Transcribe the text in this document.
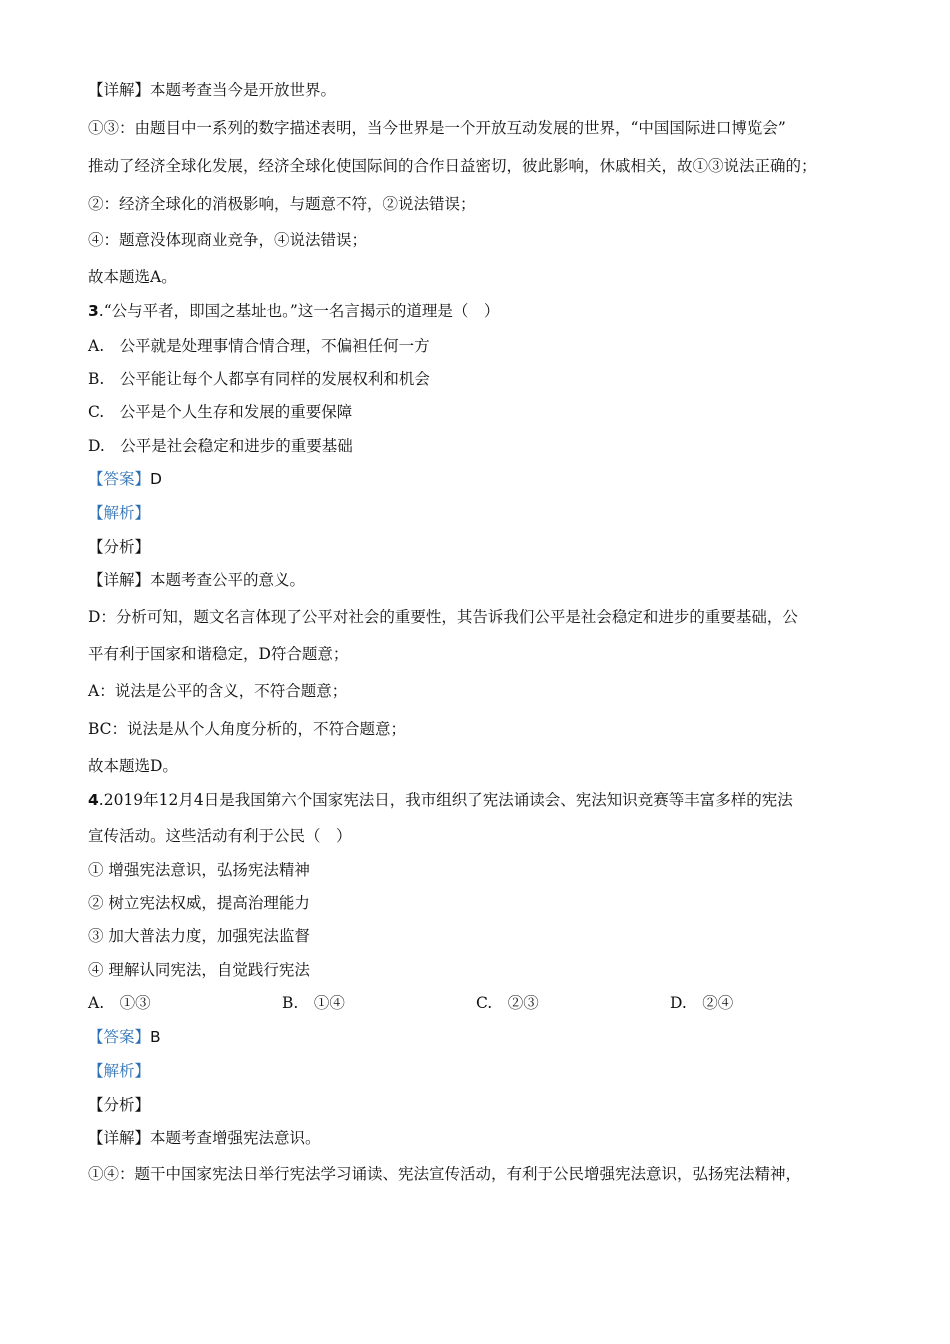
【详解】本题考查当今是开放世界。
①③：由题目中一系列的数字描述表明，当今世界是一个开放互动发展的世界，“中国国际进口博览会”
推动了经济全球化发展，经济全球化使国际间的合作日益密切，彼此影响，休戚相关，故①③说法正确的；
②：经济全球化的消极影响，与题意不符，②说法错误；
④：题意没体现商业竞争，④说法错误；
故本题选A。
3.“公与平者，即国之基址也。”这一名言揭示的道理是（　）
A.　公平就是处理事情合情合理，不偏袒任何一方
B.　公平能让每个人都享有同样的发展权利和机会
C.　公平是个人生存和发展的重要保障
D.　公平是社会稳定和进步的重要基础
【答案】D
【解析】
【分析】
【详解】本题考查公平的意义。
D：分析可知，题文名言体现了公平对社会的重要性，其告诉我们公平是社会稳定和进步的重要基础，公
平有利于国家和谐稳定，D符合题意；
A：说法是公平的含义，不符合题意；
BC：说法是从个人角度分析的，不符合题意；
故本题选D。
4.2019年12月4日是我国第六个国家宪法日，我市组织了宪法诵读会、宪法知识竞赛等丰富多样的宪法
宣传活动。这些活动有利于公民（　）
① 增强宪法意识，弘扬宪法精神
② 树立宪法权威，提高治理能力
③ 加大普法力度，加强宪法监督
④ 理解认同宪法，自觉践行宪法
A.　①③	B.　①④	C.　②③	D.　②④
【答案】B
【解析】
【分析】
【详解】本题考查增强宪法意识。
①④：题干中国家宪法日举行宪法学习诵读、宪法宣传活动，有利于公民增强宪法意识，弘扬宪法精神，
